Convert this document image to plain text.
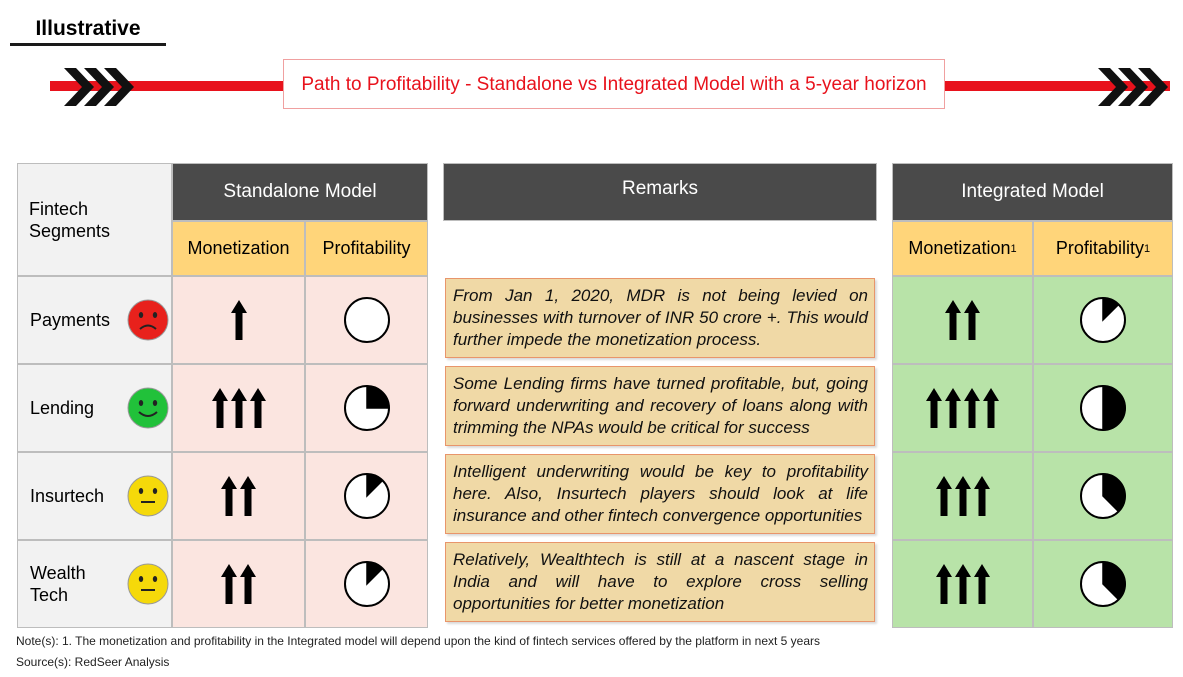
Illustrative
Path to Profitability - Standalone vs Integrated Model with a 5-year horizon
Fintech Segments
Standalone Model
Monetization Profitability
Remarks	Integrated Model
Monetization 1 Profitability 1
Payments
From Jan 1, 2020, MDR is not being levied on businesses with turnover of INR 50 crore +. This would further impede the monetization process.
Lending
Some Lending firms have turned profitable, but, going forward underwriting and recovery of loans along with trimming the NPAs would be critical for success
Insurtech
Intelligent underwriting would be key to profitability here. Also, Insurtech players should look at life insurance and other fintech convergence opportunities
Wealth Tech
Relatively, Wealthtech is still at a nascent stage in India and will have to explore cross selling opportunities for better monetization
Note(s): 1. The monetization and profitability in the Integrated model will depend upon the kind of fintech services offered by the platform in next 5 years
Source(s): RedSeer Analysis
